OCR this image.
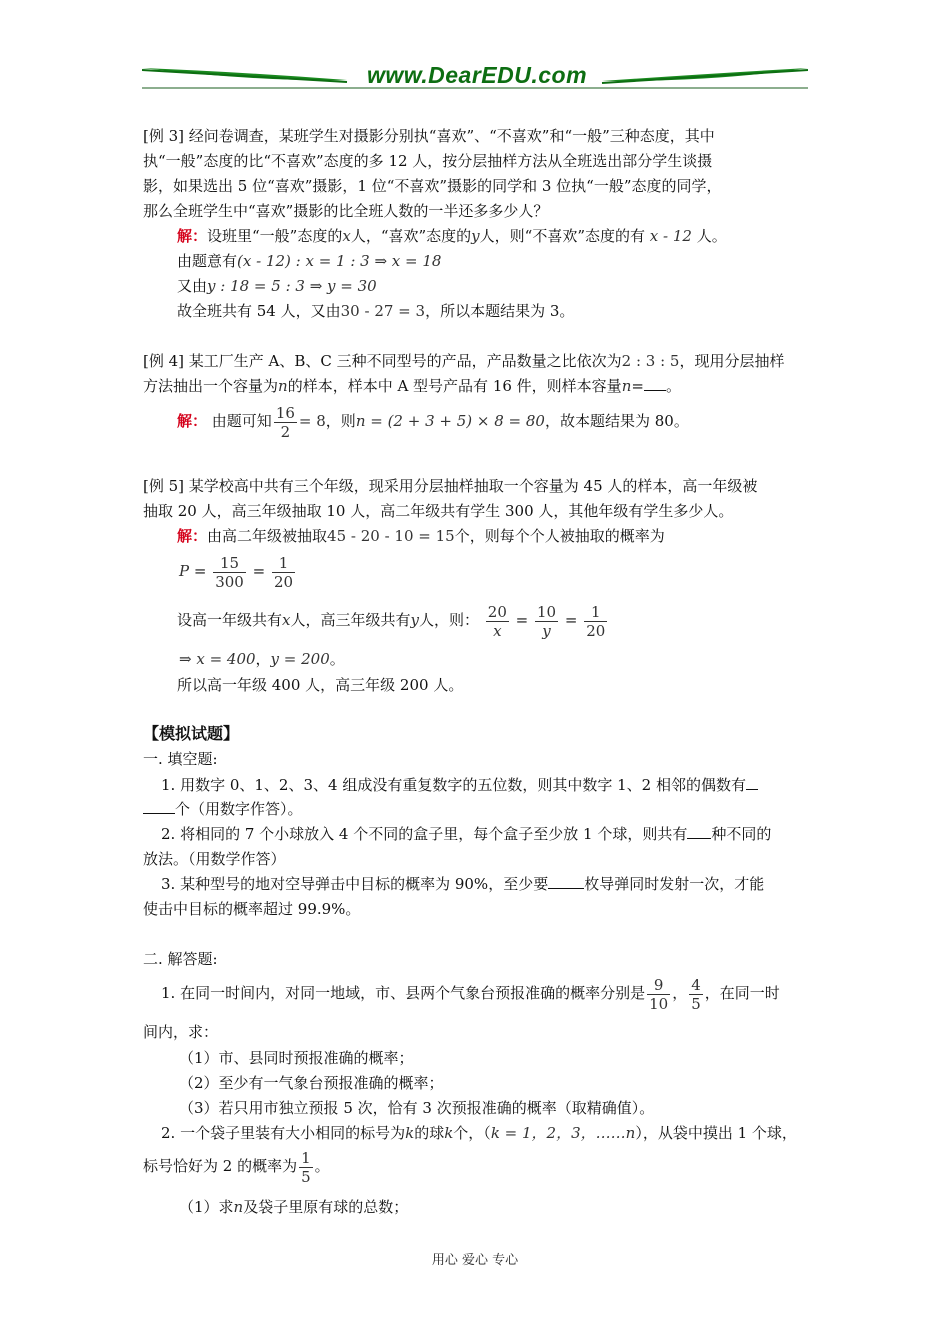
www.DearEDU.com
[例 3] 经问卷调查，某班学生对摄影分别执“喜欢”、“不喜欢”和“一般”三种态度，其中
执“一般”态度的比“不喜欢”态度的多 12 人，按分层抽样方法从全班选出部分学生谈摄
影，如果选出 5 位“喜欢”摄影，1 位“不喜欢”摄影的同学和 3 位执“一般”态度的同学，
那么全班学生中“喜欢”摄影的比全班人数的一半还多多少人？
解：设班里“一般”态度的x人，“喜欢”态度的y人，则“不喜欢”态度的有 x - 12 人。
由题意有(x - 12) : x = 1 : 3 ⇒ x = 18
又由y : 18 = 5 : 3 ⇒ y = 30
故全班共有 54 人，又由30 - 27 = 3，所以本题结果为 3。
[例 4] 某工厂生产 A、B、C 三种不同型号的产品，产品数量之比依次为2 : 3 : 5，现用分层抽样
方法抽出一个容量为n的样本，样本中 A 型号产品有 16 件，则样本容量n= 。
解： 由题可知 $\frac{16}{2} = 8$，则n = (2 + 3 + 5) × 8 = 80，故本题结果为 80。
[例 5] 某学校高中共有三个年级，现采用分层抽样抽取一个容量为 45 人的样本，高一年级被
抽取 20 人，高三年级抽取 10 人，高二年级共有学生 300 人，其他年级有学生多少人。
解：由高二年级被抽取45 - 20 - 10 = 15个，则每个个人被抽取的概率为
$P = \frac{15}{300} = \frac{1}{20}$
设高一年级共有x人，高三年级共有y人，则： $\frac{20}{x} = \frac{10}{y} = \frac{1}{20}$
⇒ x = 400，y = 200。
所以高一年级 400 人，高三年级 200 人。
【模拟试题】
一. 填空题:
1. 用数字 0、1、2、3、4 组成没有重复数字的五位数，则其中数字 1、2 相邻的偶数有
个（用数字作答）。
2. 将相同的 7 个小球放入 4 个不同的盒子里，每个盒子至少放 1 个球，则共有 种不同的
放法。（用数学作答）
3. 某种型号的地对空导弹击中目标的概率为 90%，至少要 枚导弹同时发射一次，才能
使击中目标的概率超过 99.9%。
二. 解答题:
1. 在同一时间内，对同一地域，市、县两个气象台预报准确的概率分别是 $\frac{9}{10}$ ， $\frac{4}{5}$ ，在同一时
间内，求：
（1）市、县同时预报准确的概率；
（2）至少有一气象台预报准确的概率；
（3）若只用市独立预报 5 次，恰有 3 次预报准确的概率（取精确值）。
2. 一个袋子里装有大小相同的标号为k的球k个，（k = 1，2，3，……n），从袋中摸出 1 个球，
标号恰好为 2 的概率为 $\frac{1}{5}$ 。
（1）求n及袋子里原有球的总数；
用心 爱心 专心
